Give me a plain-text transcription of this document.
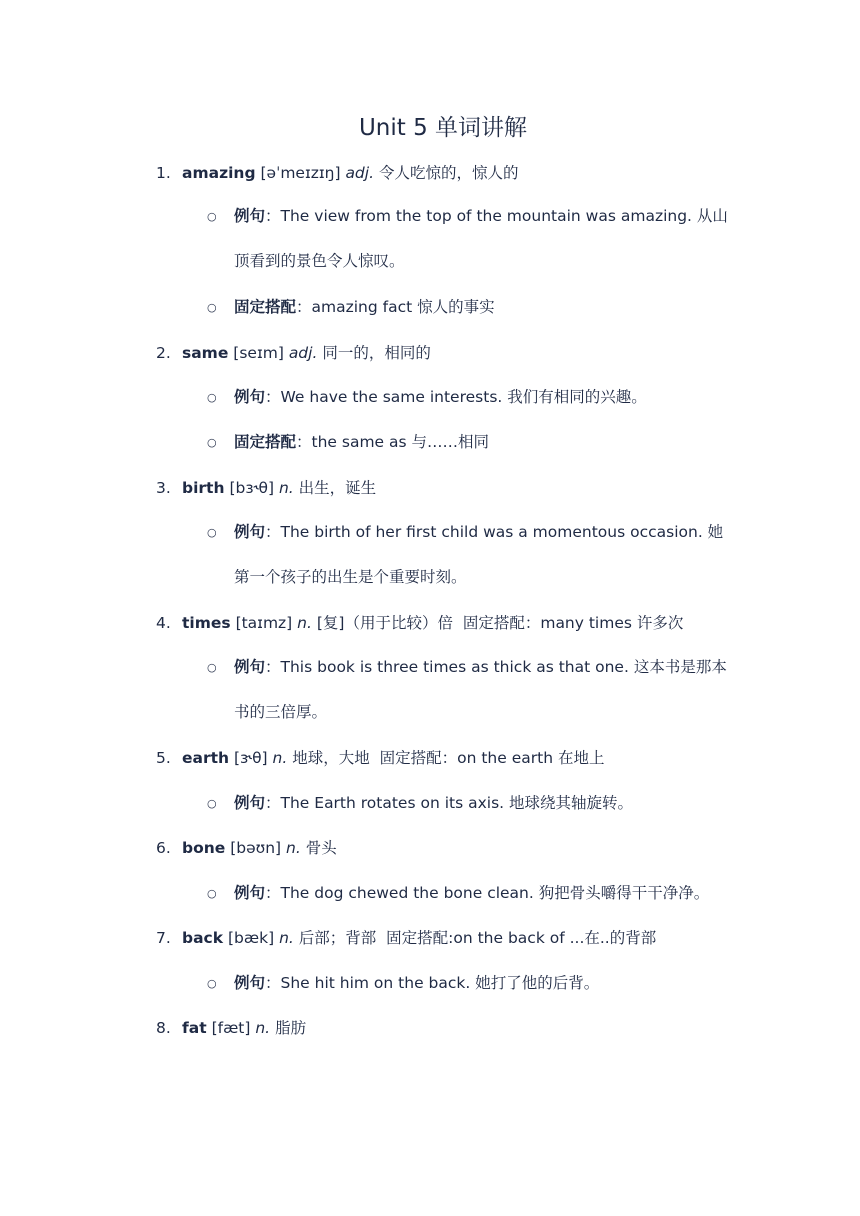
Unit 5 单词讲解
1. amazing [əˈmeɪzɪŋ] adj. 令人吃惊的，惊人的
○ 例句：The view from the top of the mountain was amazing. 从山顶看到的景色令人惊叹。
○ 固定搭配：amazing fact 惊人的事实
2. same [seɪm] adj. 同一的，相同的
○ 例句：We have the same interests. 我们有相同的兴趣。
○ 固定搭配：the same as 与……相同
3. birth [bɜ˞θ] n. 出生，诞生
○ 例句：The birth of her first child was a momentous occasion. 她第一个孩子的出生是个重要时刻。
4. times [taɪmz] n. [复]（用于比较）倍  固定搭配：many times 许多次
○ 例句：This book is three times as thick as that one. 这本书是那本书的三倍厚。
5. earth [ɝθ] n. 地球，大地  固定搭配：on the earth 在地上
○ 例句：The Earth rotates on its axis. 地球绕其轴旋转。
6. bone [bəʊn] n. 骨头
○ 例句：The dog chewed the bone clean. 狗把骨头嚼得干干净净。
7. back [bæk] n. 后部；背部  固定搭配:on the back of ...在..的背部
○ 例句：She hit him on the back. 她打了他的后背。
8. fat [fæt] n. 脂肪
